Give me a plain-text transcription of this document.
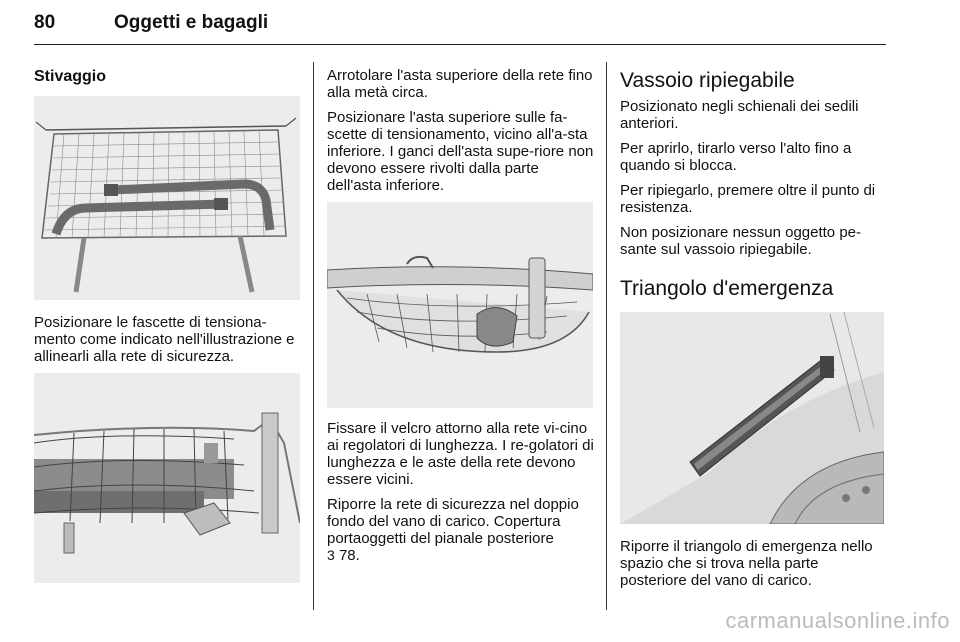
80	Oggetti e bagagli
Stivaggio

Posizionare le fascette di tensiona-mento come indicato nell'illustrazione e allinearli alla rete di sicurezza.

Arrotolare l'asta superiore della rete fino alla metà circa.

Posizionare l'asta superiore sulle fa-scette di tensionamento, vicino all'a-sta inferiore. I ganci dell'asta supe-riore non devono essere rivolti dalla parte dell'asta inferiore.

Fissare il velcro attorno alla rete vi-cino ai regolatori di lunghezza. I re-golatori di lunghezza e le aste della rete devono essere vicini.

Riporre la rete di sicurezza nel doppio fondo del vano di carico. Copertura portaoggetti del pianale posteriore
3 78.

Vassoio ripiegabile

Posizionato negli schienali dei sedili anteriori.

Per aprirlo, tirarlo verso l'alto fino a quando si blocca.

Per ripiegarlo, premere oltre il punto di resistenza.

Non posizionare nessun oggetto pe-sante sul vassoio ripiegabile.

Triangolo d'emergenza

Riporre il triangolo di emergenza nello spazio che si trova nella parte posteriore del vano di carico.

carmanualsonline.info
